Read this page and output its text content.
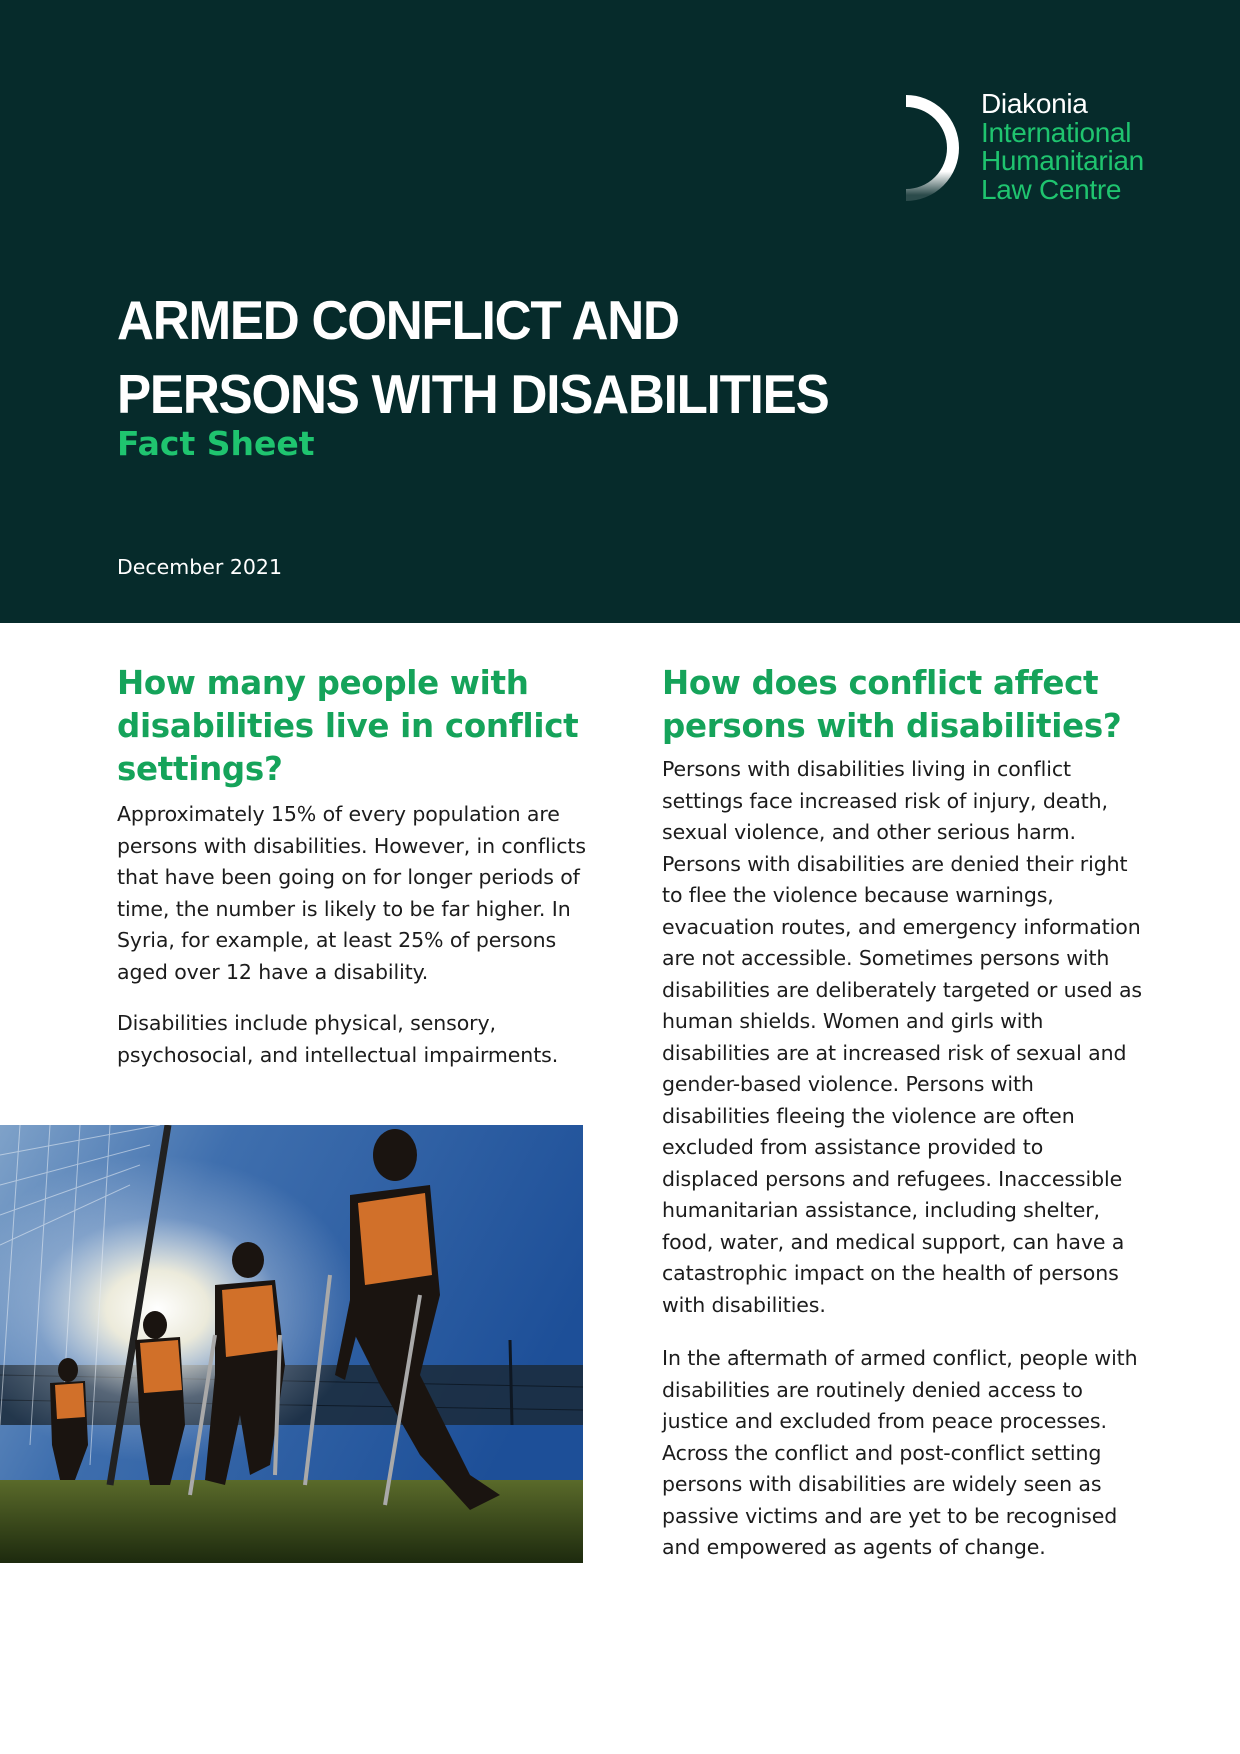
Diakonia
International
Humanitarian
Law Centre
ARMED CONFLICT AND
PERSONS WITH DISABILITIES
Fact Sheet
December 2021
How many people with disabilities live in conflict settings?

Approximately 15% of every population are persons with disabilities. However, in conflicts that have been going on for longer periods of time, the number is likely to be far higher. In Syria, for example, at least 25% of persons aged over 12 have a disability.

Disabilities include physical, sensory, psychosocial, and intellectual impairments.

How does conflict affect persons with disabilities?

Persons with disabilities living in conflict settings face increased risk of injury, death, sexual violence, and other serious harm. Persons with disabilities are denied their right to flee the violence because warnings, evacuation routes, and emergency information are not accessible. Sometimes persons with disabilities are deliberately targeted or used as human shields. Women and girls with disabilities are at increased risk of sexual and gender-based violence. Persons with disabilities fleeing the violence are often excluded from assistance provided to displaced persons and refugees. Inaccessible humanitarian assistance, including shelter, food, water, and medical support, can have a catastrophic impact on the health of persons with disabilities.

In the aftermath of armed conflict, people with disabilities are routinely denied access to justice and excluded from peace processes. Across the conflict and post-conflict setting persons with disabilities are widely seen as passive victims and are yet to be recognised and empowered as agents of change.
